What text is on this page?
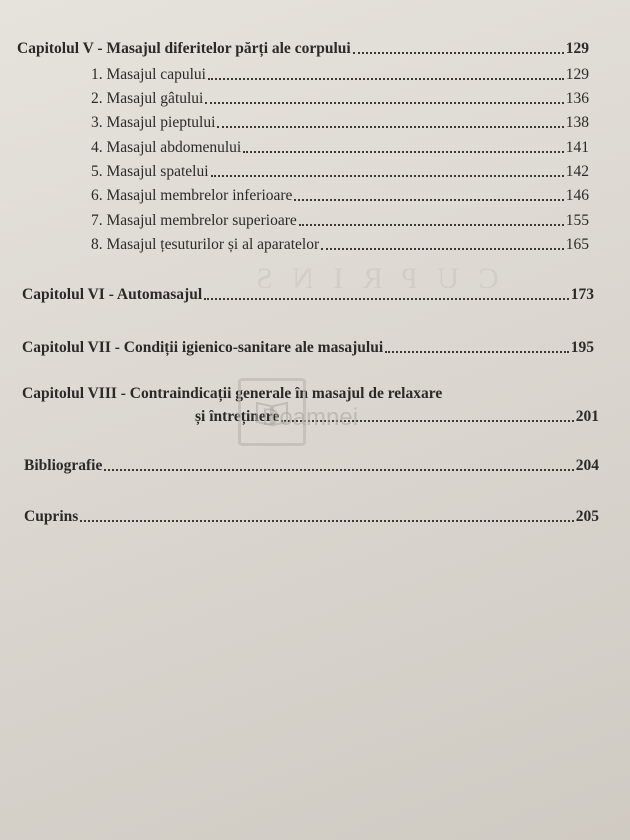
C U P R I N S
Capitolul V - Masajul diferitelor părți ale corpului	129
1. Masajul capului	129
2. Masajul gâtului	136
3. Masajul pieptului	138
4. Masajul abdomenului	141
5. Masajul spatelui	142
6. Masajul membrelor inferioare	146
7. Masajul membrelor superioare	155
8. Masajul țesuturilor și al aparatelor	165
Capitolul VI - Automasajul	173
Capitolul VII - Condiții igienico-sanitare ale masajului	195
Capitolul VIII - Contraindicații generale în masajul de relaxare
și întreținere	201
Bibliografie	204
Cuprins	205
Doamnei
